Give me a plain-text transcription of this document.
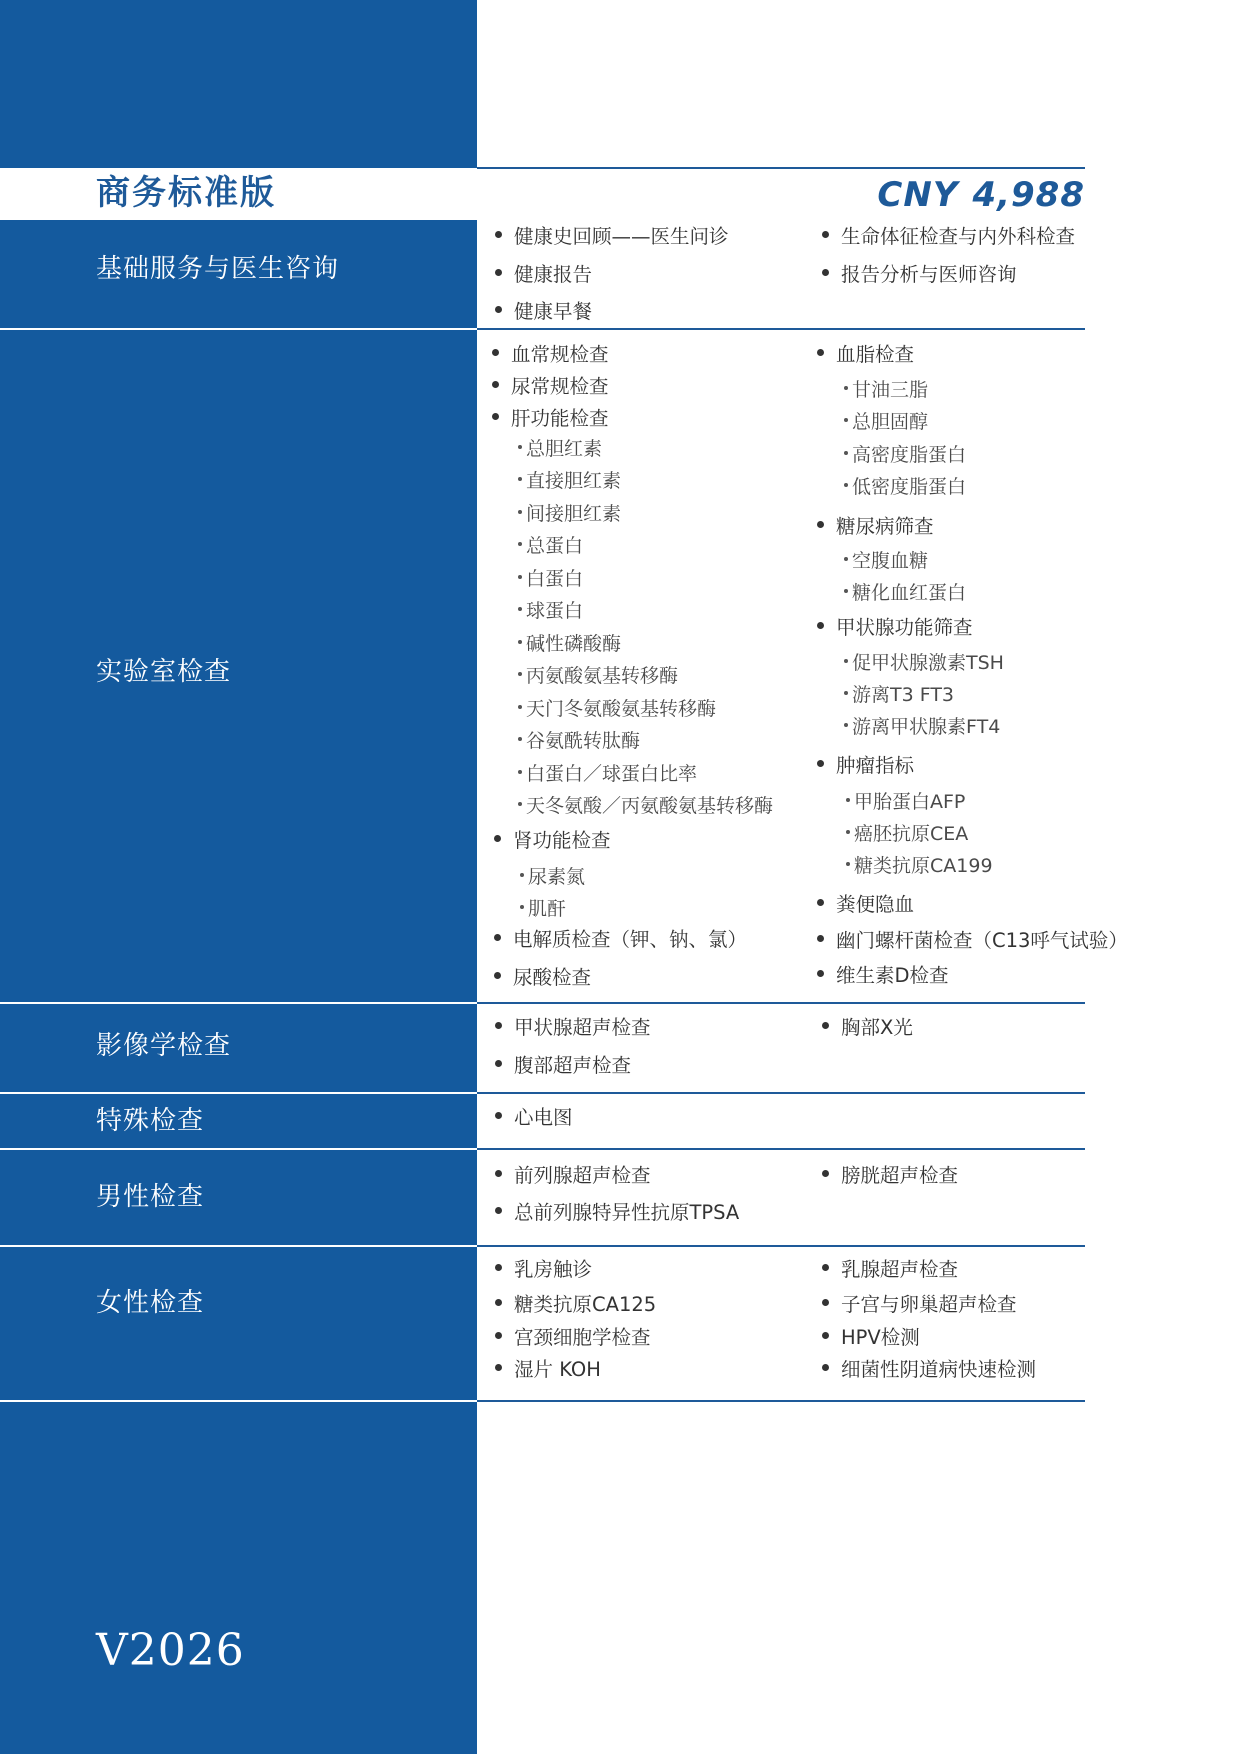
商务标准版	CNY 4,988
基础服务与医生咨询
实验室检查
影像学检查
特殊检查
男性检查
女性检查
健康史回顾——医生问诊
健康报告
健康早餐
生命体征检查与内外科检查
报告分析与医师咨询
血常规检查
尿常规检查
肝功能检查
总胆红素
直接胆红素
间接胆红素
总蛋白
白蛋白
球蛋白
碱性磷酸酶
丙氨酸氨基转移酶
天门冬氨酸氨基转移酶
谷氨酰转肽酶
白蛋白／球蛋白比率
天冬氨酸／丙氨酸氨基转移酶
肾功能检查
尿素氮
肌酐
电解质检查（钾、钠、氯）
尿酸检查
血脂检查
甘油三脂
总胆固醇
高密度脂蛋白
低密度脂蛋白
糖尿病筛查
空腹血糖
糖化血红蛋白
甲状腺功能筛查
促甲状腺激素TSH
游离T3 FT3
游离甲状腺素FT4
肿瘤指标
甲胎蛋白AFP
癌胚抗原CEA
糖类抗原CA199
粪便隐血
幽门螺杆菌检查（C13呼气试验）
维生素D检查
甲状腺超声检查
腹部超声检查
胸部X光
心电图
前列腺超声检查
总前列腺特异性抗原TPSA
膀胱超声检查
乳房触诊
糖类抗原CA125
宫颈细胞学检查
湿片 KOH
乳腺超声检查
子宫与卵巢超声检查
HPV检测
细菌性阴道病快速检测
V2026
